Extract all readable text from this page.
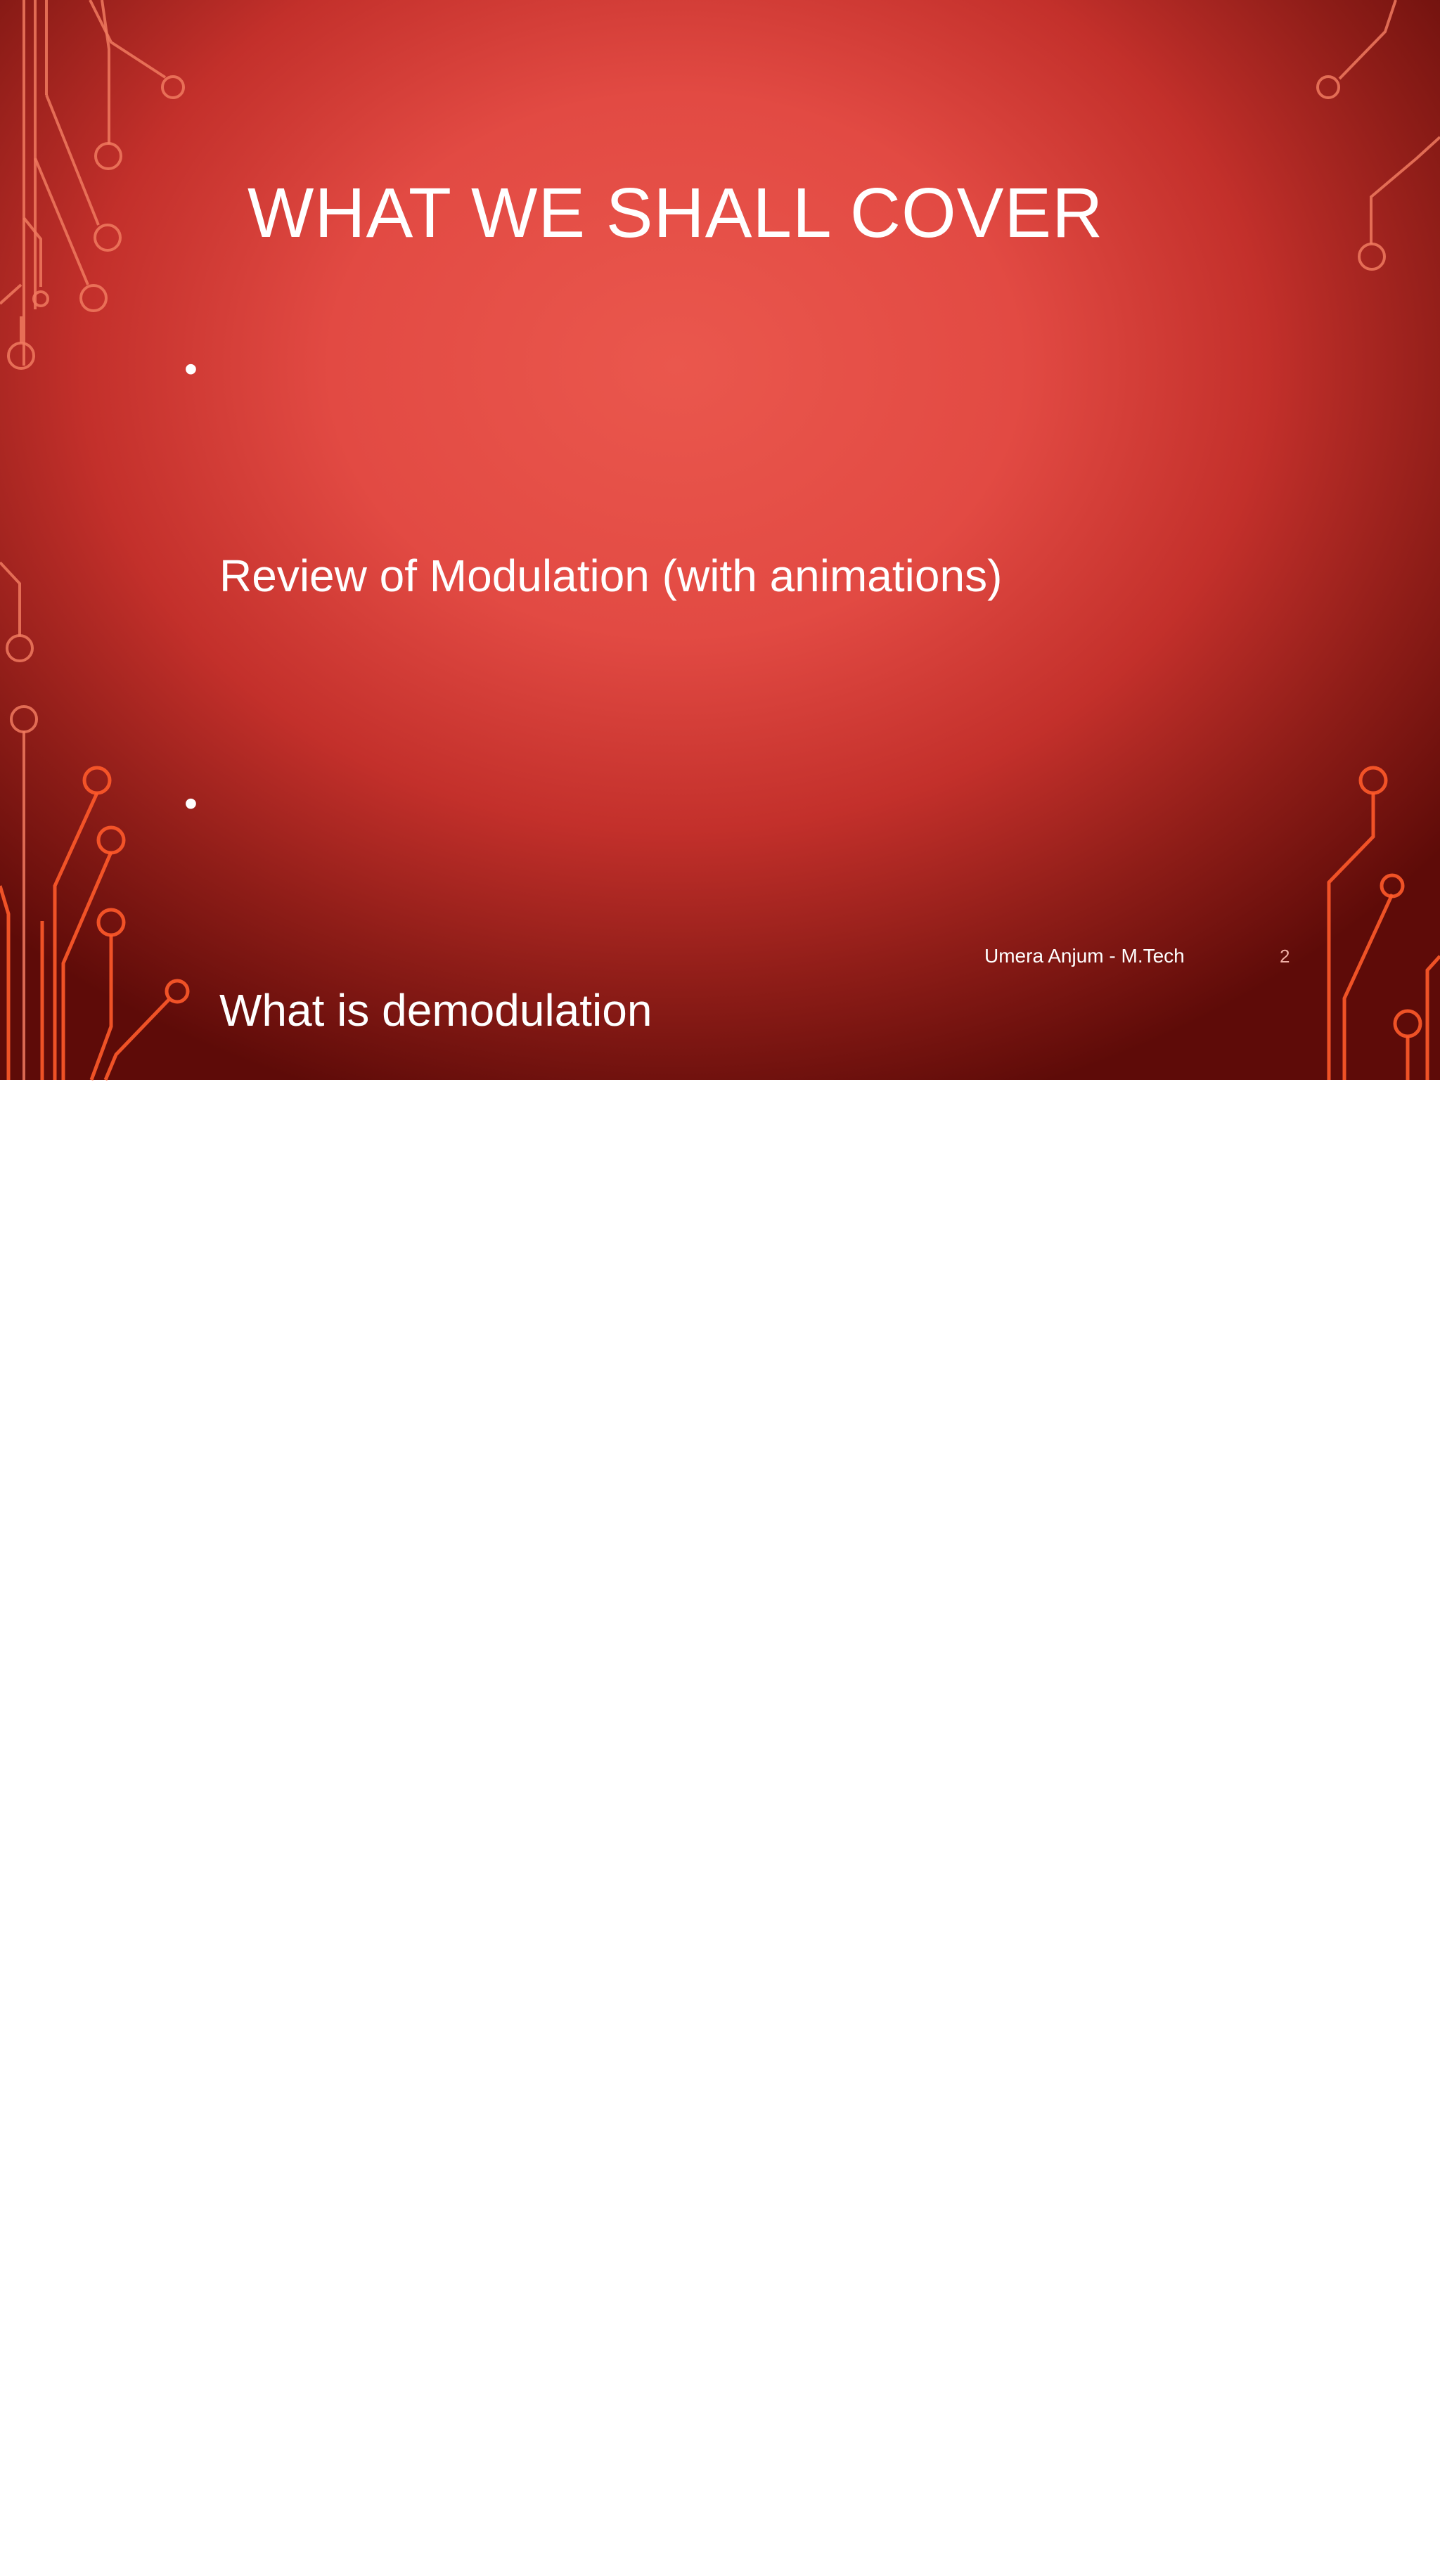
WHAT WE SHALL COVER

•

Review of Modulation (with animations)

•

What is demodulation

•

Frequency Demodulation Definition

•

Types of  FM Demodulators

•

Study of Various FM Demodulators (Slope, Balanced, Foster-Seeley, Ratio and Phase Locked Loop)

Umera Anjum - M.Tech	2
